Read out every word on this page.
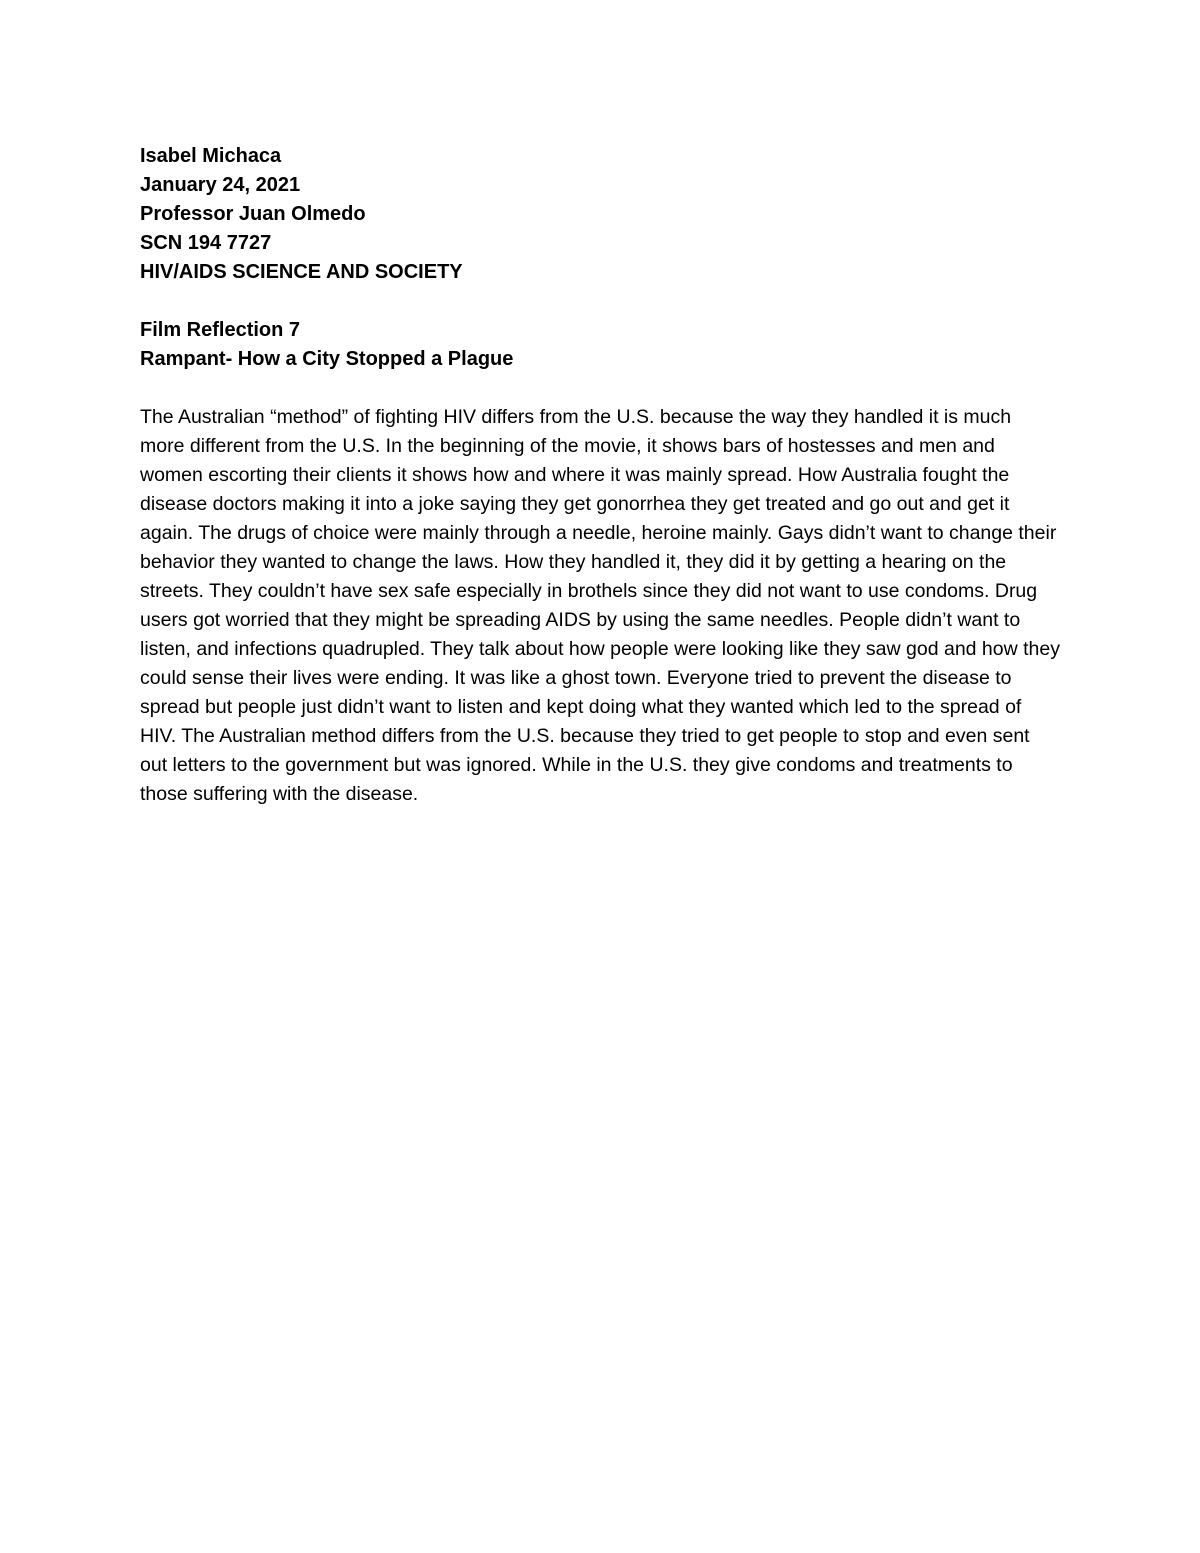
Isabel Michaca
January 24, 2021
Professor Juan Olmedo
SCN 194 7727
HIV/AIDS SCIENCE AND SOCIETY
Film Reflection 7
Rampant- How a City Stopped a Plague

The Australian “method” of fighting HIV differs from the U.S. because the way they handled it is much more different from the U.S. In the beginning of the movie, it shows bars of hostesses and men and women escorting their clients it shows how and where it was mainly spread. How Australia fought the disease doctors making it into a joke saying they get gonorrhea they get treated and go out and get it again. The drugs of choice were mainly through a needle, heroine mainly. Gays didn’t want to change their behavior they wanted to change the laws. How they handled it, they did it by getting a hearing on the streets. They couldn’t have sex safe especially in brothels since they did not want to use condoms. Drug users got worried that they might be spreading AIDS by using the same needles. People didn’t want to listen, and infections quadrupled. They talk about how people were looking like they saw god and how they could sense their lives were ending. It was like a ghost town. Everyone tried to prevent the disease to spread but people just didn’t want to listen and kept doing what they wanted which led to the spread of HIV. The Australian method differs from the U.S. because they tried to get people to stop and even sent out letters to the government but was ignored. While in the U.S. they give condoms and treatments to those suffering with the disease.
